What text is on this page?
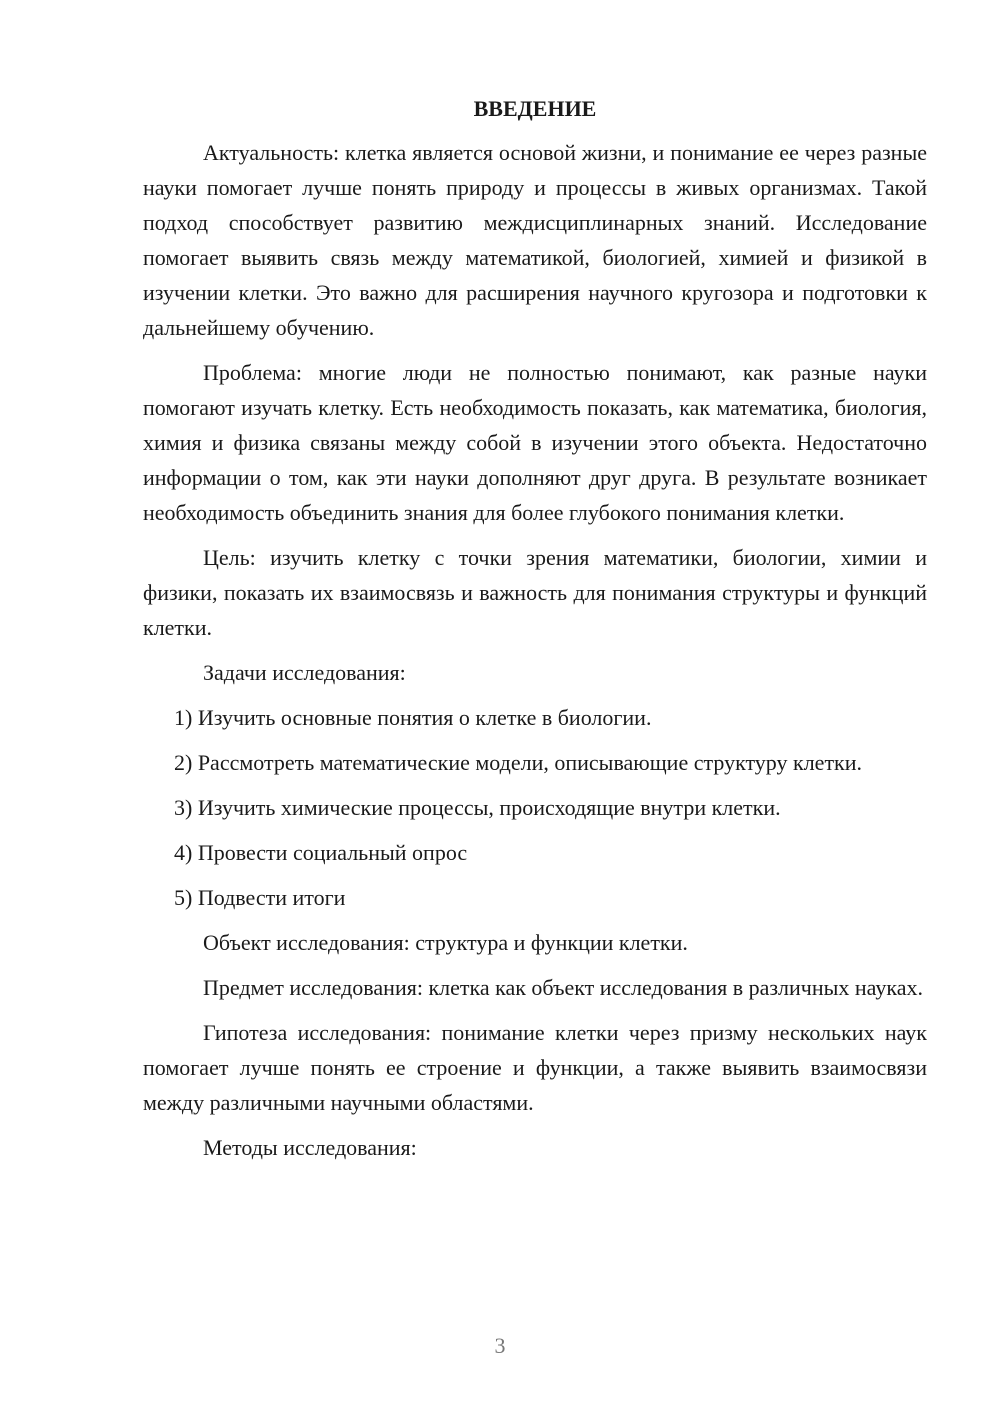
ВВЕДЕНИЕ

Актуальность: клетка является основой жизни, и понимание ее через разные науки помогает лучше понять природу и процессы в живых организмах. Такой подход способствует развитию междисциплинарных знаний. Исследование помогает выявить связь между математикой, биологией, химией и физикой в изучении клетки. Это важно для расширения научного кругозора и подготовки к дальнейшему обучению.

Проблема: многие люди не полностью понимают, как разные науки помогают изучать клетку. Есть необходимость показать, как математика, биология, химия и физика связаны между собой в изучении этого объекта. Недостаточно информации о том, как эти науки дополняют друг друга. В результате возникает необходимость объединить знания для более глубокого понимания клетки.

Цель: изучить клетку с точки зрения математики, биологии, химии и физики, показать их взаимосвязь и важность для понимания структуры и функций клетки.

Задачи исследования:

1) Изучить основные понятия о клетке в биологии.

2) Рассмотреть математические модели, описывающие структуру клетки.

3) Изучить химические процессы, происходящие внутри клетки.

4) Провести социальный опрос

5) Подвести итоги

Объект исследования: структура и функции клетки.

Предмет исследования: клетка как объект исследования в различных науках.

Гипотеза исследования: понимание клетки через призму нескольких наук помогает лучше понять ее строение и функции, а также выявить взаимосвязи между различными научными областями.

Методы исследования:

3
